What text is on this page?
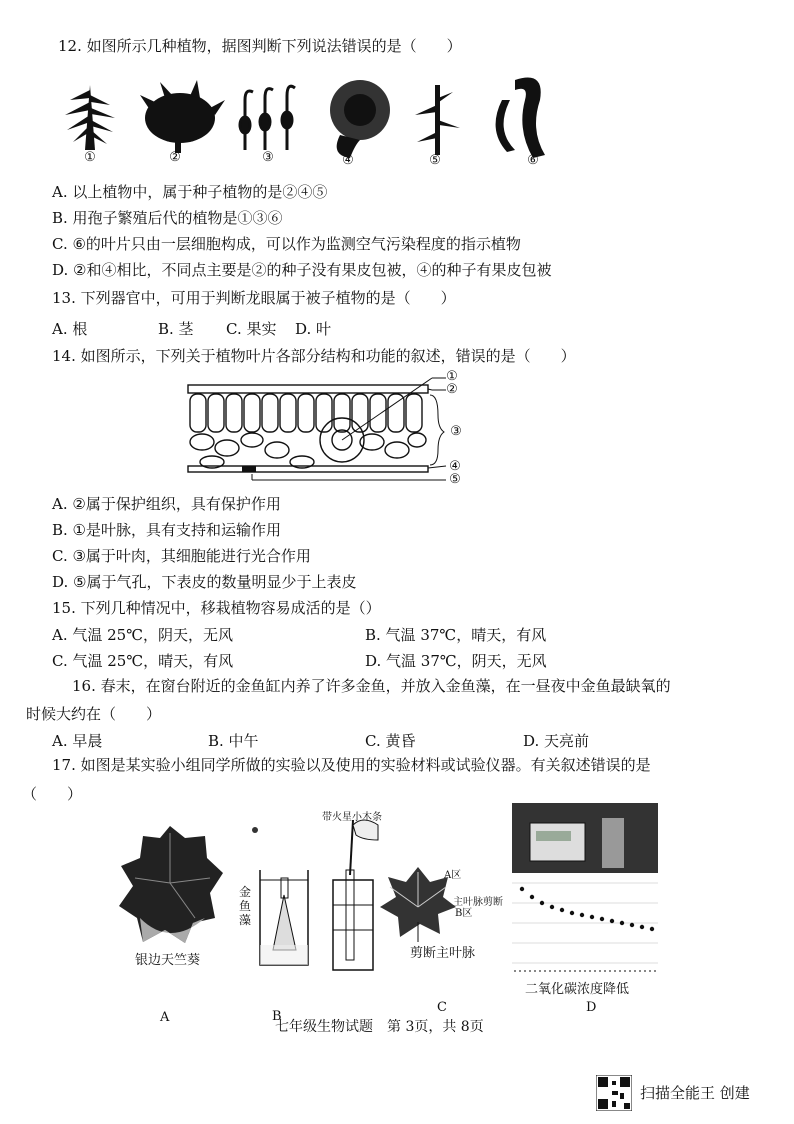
12. 如图所示几种植物，据图判断下列说法错误的是（　　）
①	②	③	④	⑤	⑥
A. 以上植物中，属于种子植物的是②④⑤
B. 用孢子繁殖后代的植物是①③⑥
C. ⑥的叶片只由一层细胞构成，可以作为监测空气污染程度的指示植物
D. ②和④相比，不同点主要是②的种子没有果皮包被，④的种子有果皮包被
13. 下列器官中，可用于判断龙眼属于被子植物的是（　　）
A. 根	B. 茎 C. 果实 D. 叶
14. 如图所示，下列关于植物叶片各部分结构和功能的叙述，错误的是（　　）
①
②
③
④
⑤
A. ②属于保护组织，具有保护作用
B. ①是叶脉，具有支持和运输作用
C. ③属于叶肉，其细胞能进行光合作用
D. ⑤属于气孔，下表皮的数量明显少于上表皮
15. 下列几种情况中，移栽植物容易成活的是（）
A. 气温 25℃，阴天，无风	B. 气温 37℃，晴天，有风
C. 气温 25℃，晴天，有风	D. 气温 37℃，阴天，无风
16. 春末，在窗台附近的金鱼缸内养了许多金鱼，并放入金鱼藻，在一昼夜中金鱼最缺氧的
时候大约在（　　）
A. 早晨	B. 中午	C. 黄昏	D. 天亮前
17. 如图是某实验小组同学所做的实验以及使用的实验材料或试验仪器。有关叙述错误的是
（　　）
银边天竺葵
A
带火星小木条
金鱼藻
B
A区
主叶脉剪断
B区
剪断主叶脉
C
二氧化碳浓度降低
D
七年级生物试题　第 3页，共 8页
扫描全能王 创建
